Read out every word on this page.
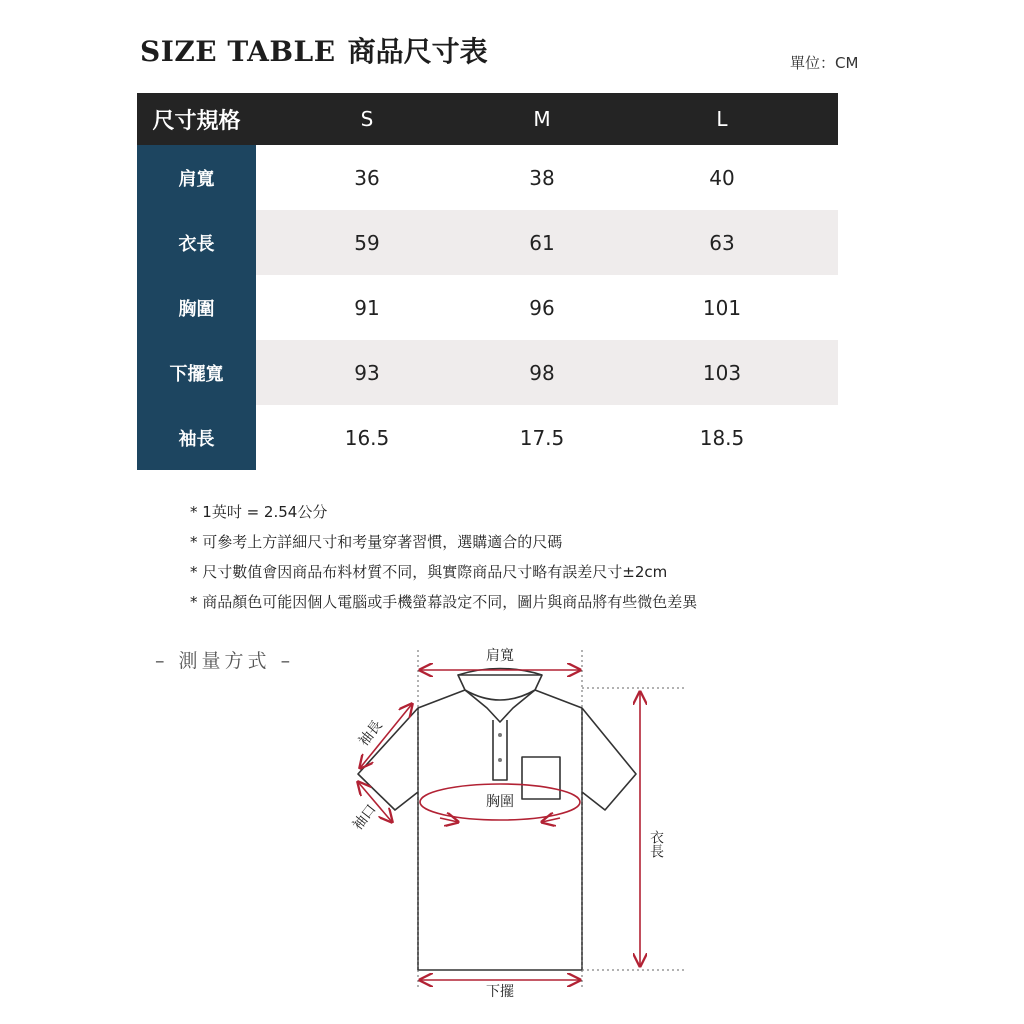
SIZE TABLE 商品尺寸表	單位：CM
尺寸規格	S	M	L
肩寬	36	38	40
衣長	59	61	63
胸圍	91	96	101
下擺寬	93	98	103
袖長	16.5	17.5	18.5
* 1英吋 = 2.54公分
* 可參考上方詳細尺寸和考量穿著習慣，選購適合的尺碼
* 尺寸數值會因商品布料材質不同，與實際商品尺寸略有誤差尺寸±2cm
* 商品顏色可能因個人電腦或手機螢幕設定不同，圖片與商品將有些微色差異
– 測量方式 –	肩寬
胸圍
下擺
衣長
袖長
袖口
